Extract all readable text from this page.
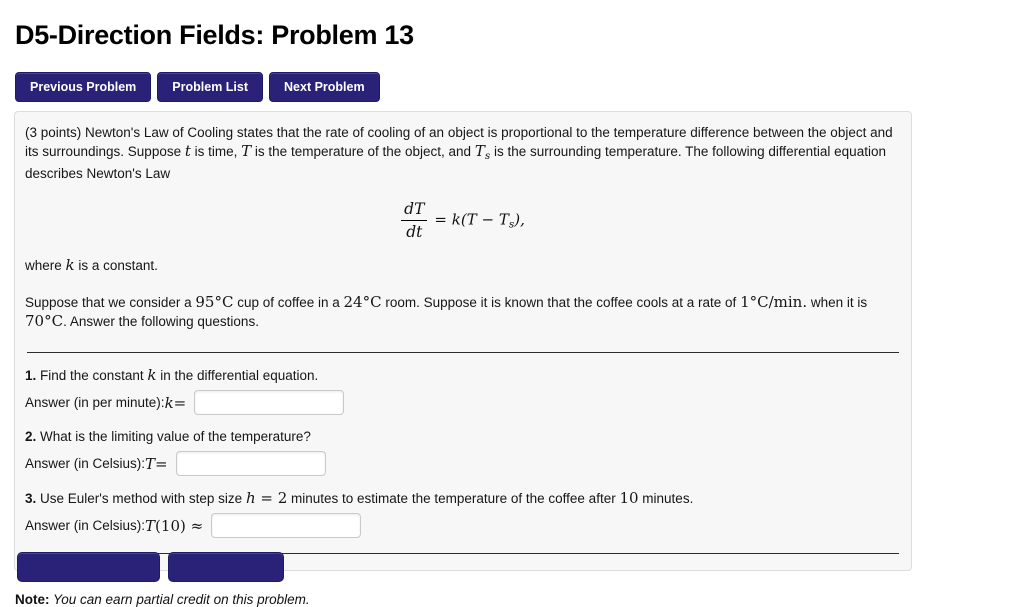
D5-Direction Fields: Problem 13
Previous Problem	Problem List	Next Problem

(3 points) Newton's Law of Cooling states that the rate of cooling of an object is proportional to the temperature difference between the object and its surroundings. Suppose t is time, T is the temperature of the object, and $T_s$ is the surrounding temperature. The following differential equation describes Newton's Law

$\frac{dT}{dt} = k(T - Ts)$,

where k is a constant.

Suppose that we consider a 95°C cup of coffee in a 24°C room. Suppose it is known that the coffee cools at a rate of 1°C/min. when it is 70°C. Answer the following questions.

1. Find the constant k in the differential equation.
Answer (in per minute): k =
2. What is the limiting value of the temperature?
Answer (in Celsius): T =
3. Use Euler's method with step size h = 2 minutes to estimate the temperature of the coffee after 10 minutes.
Answer (in Celsius): T (10) ≈
Note: You can earn partial credit on this problem.
